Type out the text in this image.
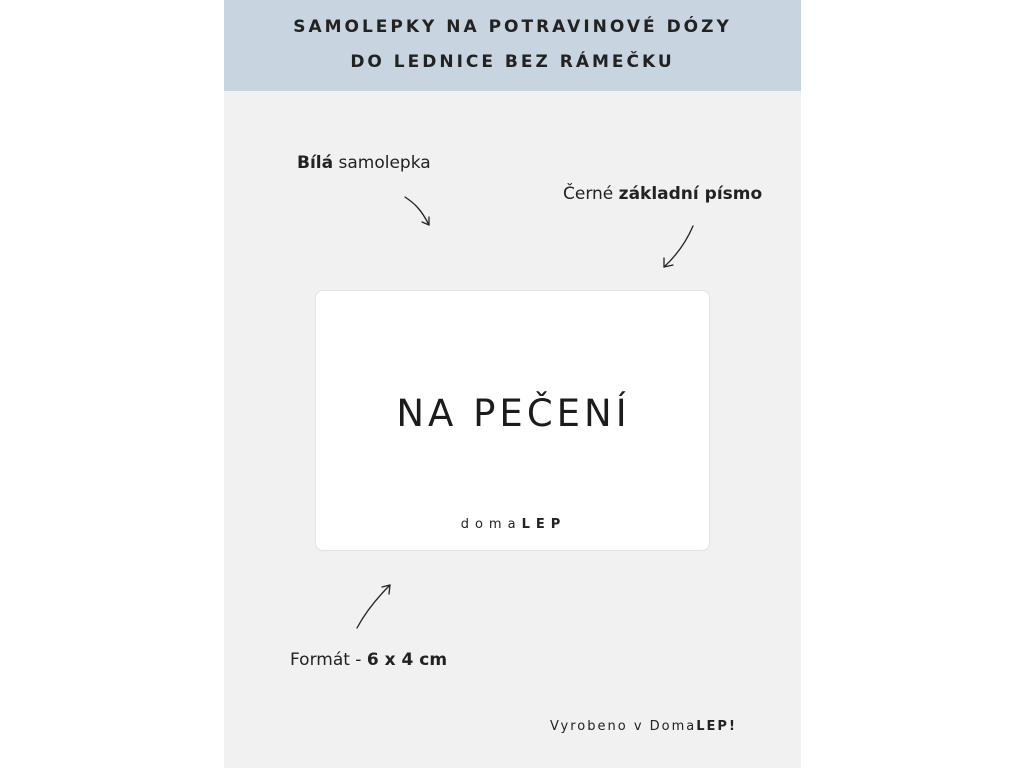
SAMOLEPKY NA POTRAVINOVÉ DÓZY
DO LEDNICE BEZ RÁMEČKU
Bílá samolepka
Černé základní písmo
NA PEČENÍ
domaLEP
Formát - 6 x 4 cm
Vyrobeno v DomaLEP!
